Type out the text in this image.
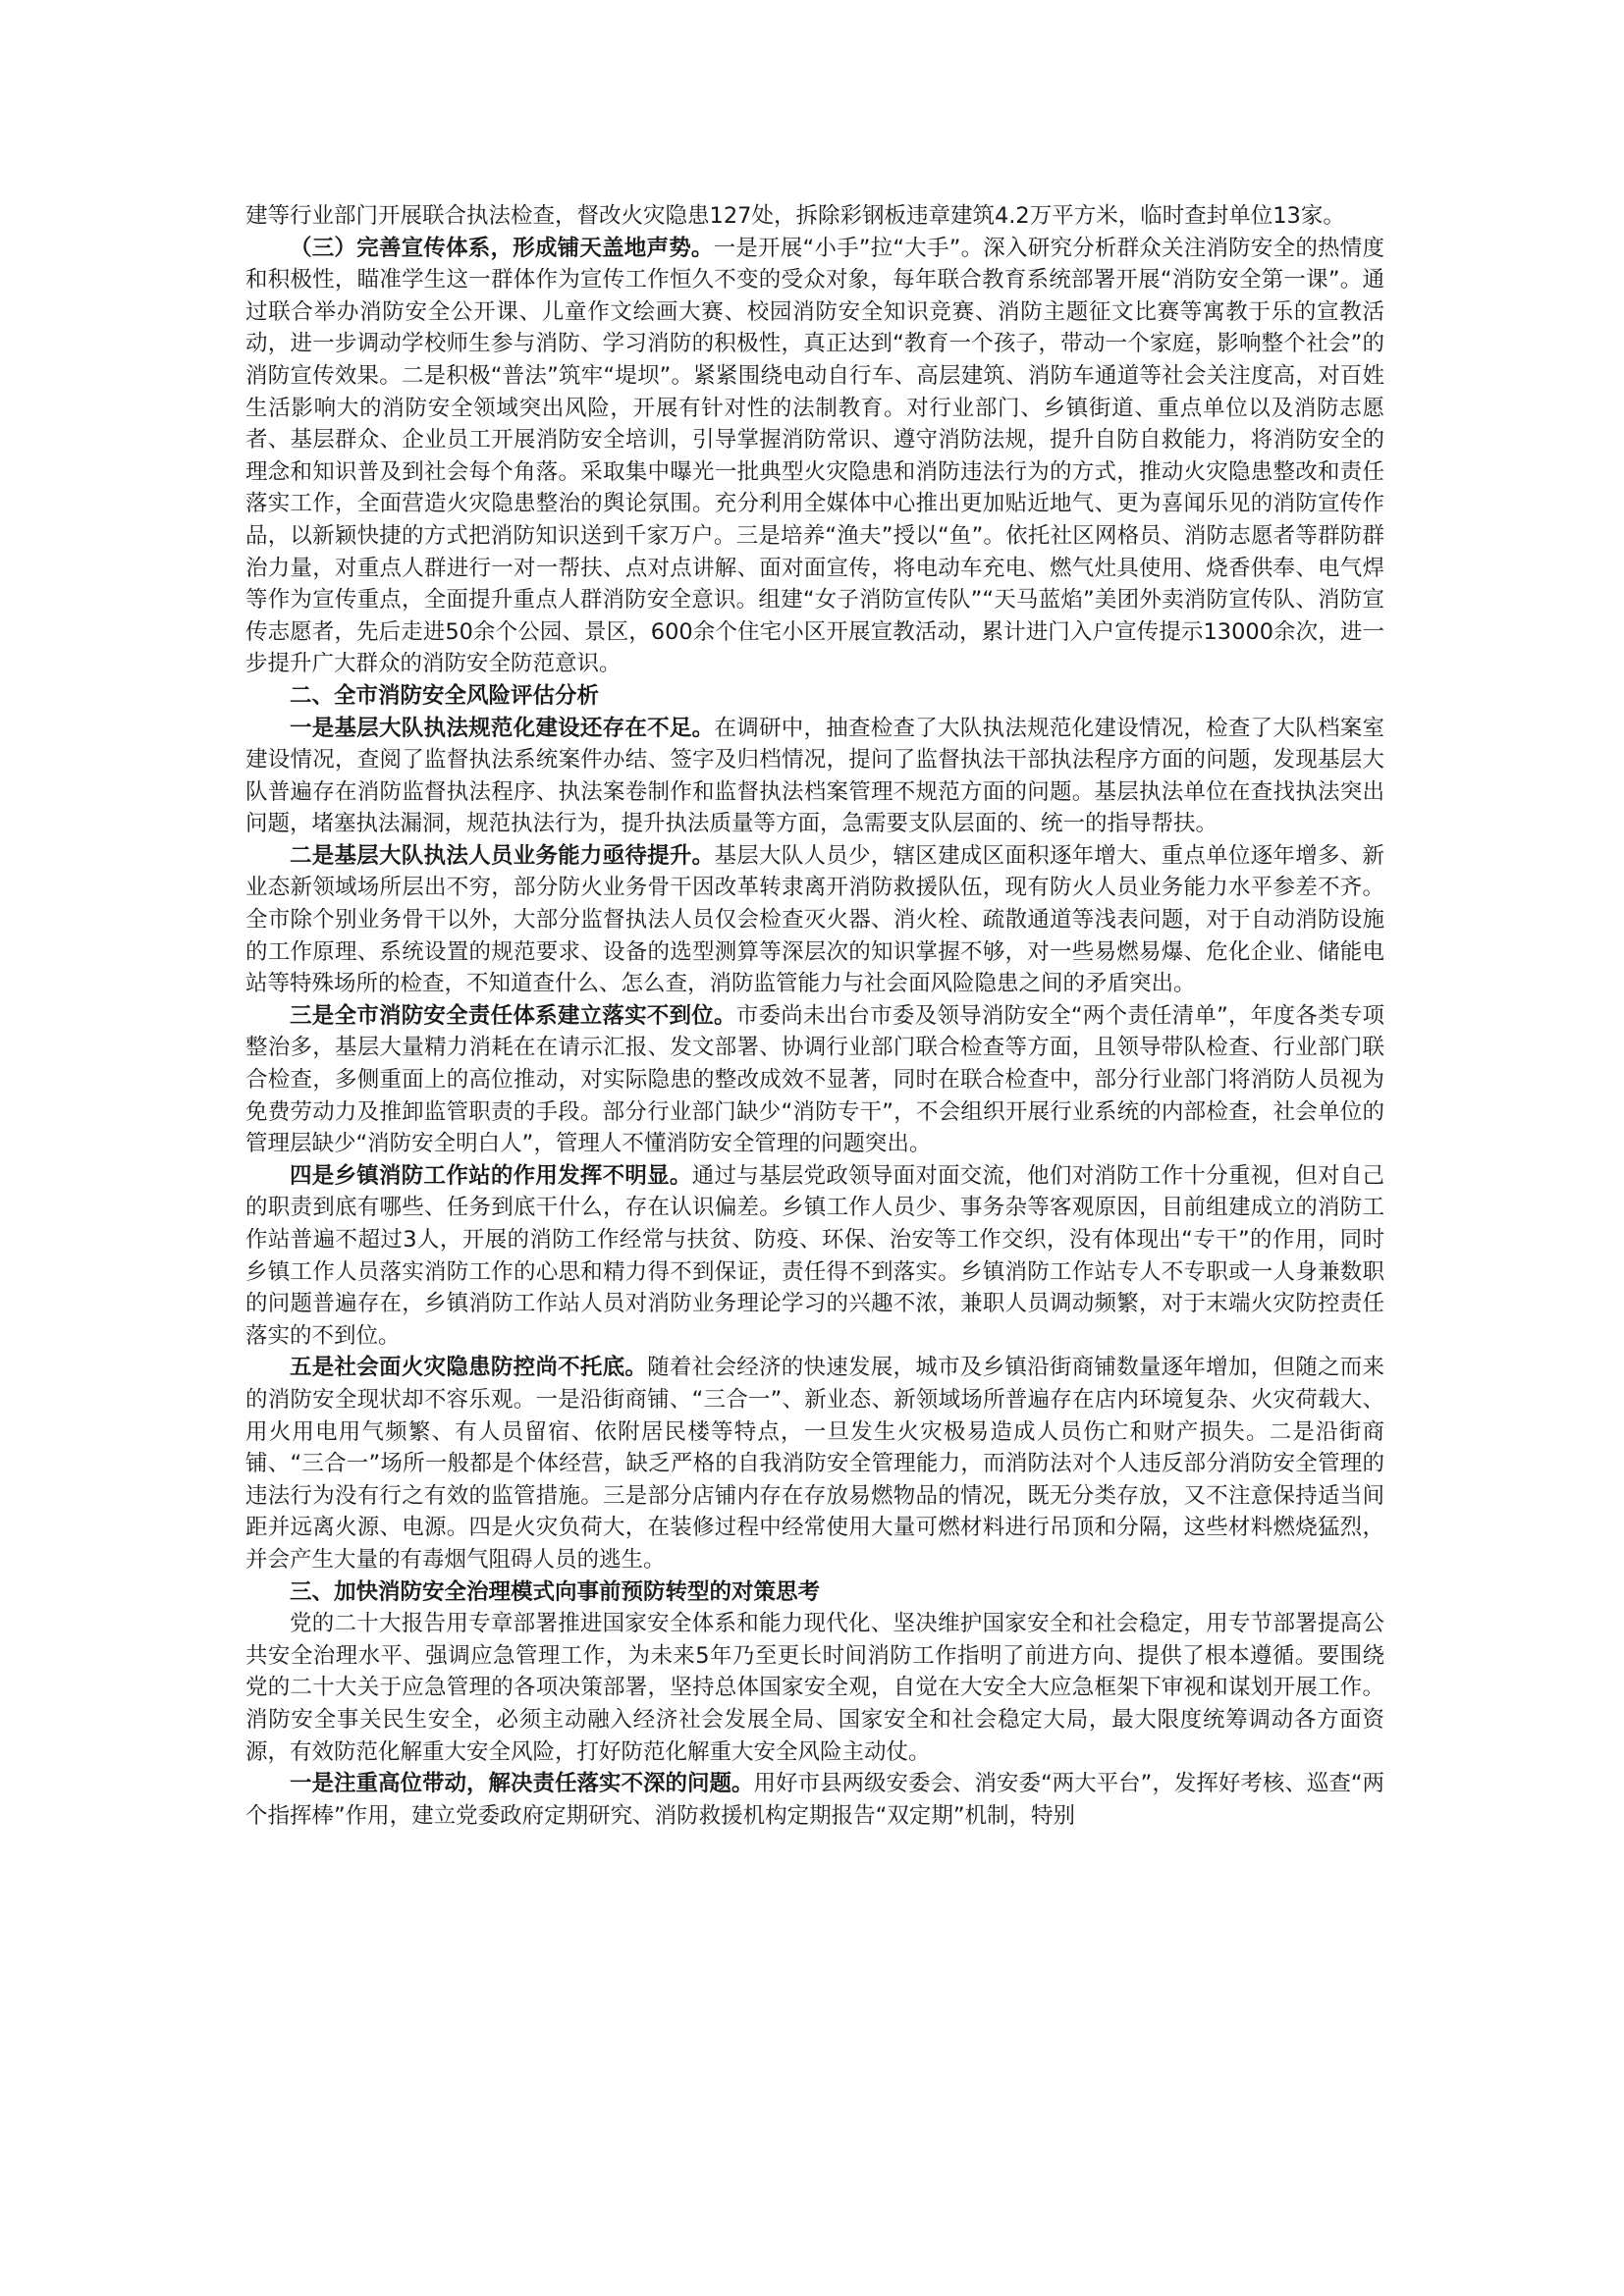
建等行业部门开展联合执法检查，督改火灾隐患127处，拆除彩钢板违章建筑4.2万平方米，临时查封单位13家。

（三）完善宣传体系，形成铺天盖地声势。一是开展“小手”拉“大手”。深入研究分析群众关注消防安全的热情度和积极性，瞄准学生这一群体作为宣传工作恒久不变的受众对象，每年联合教育系统部署开展“消防安全第一课”。通过联合举办消防安全公开课、儿童作文绘画大赛、校园消防安全知识竞赛、消防主题征文比赛等寓教于乐的宣教活动，进一步调动学校师生参与消防、学习消防的积极性，真正达到“教育一个孩子，带动一个家庭，影响整个社会”的消防宣传效果。二是积极“普法”筑牢“堤坝”。紧紧围绕电动自行车、高层建筑、消防车通道等社会关注度高，对百姓生活影响大的消防安全领域突出风险，开展有针对性的法制教育。对行业部门、乡镇街道、重点单位以及消防志愿者、基层群众、企业员工开展消防安全培训，引导掌握消防常识、遵守消防法规，提升自防自救能力，将消防安全的理念和知识普及到社会每个角落。采取集中曝光一批典型火灾隐患和消防违法行为的方式，推动火灾隐患整改和责任落实工作，全面营造火灾隐患整治的舆论氛围。充分利用全媒体中心推出更加贴近地气、更为喜闻乐见的消防宣传作品，以新颖快捷的方式把消防知识送到千家万户。三是培养“渔夫”授以“鱼”。依托社区网格员、消防志愿者等群防群治力量，对重点人群进行一对一帮扶、点对点讲解、面对面宣传，将电动车充电、燃气灶具使用、烧香供奉、电气焊等作为宣传重点，全面提升重点人群消防安全意识。组建“女子消防宣传队”“天马蓝焰”美团外卖消防宣传队、消防宣传志愿者，先后走进50余个公园、景区，600余个住宅小区开展宣教活动，累计进门入户宣传提示13000余次，进一步提升广大群众的消防安全防范意识。

二、全市消防安全风险评估分析

一是基层大队执法规范化建设还存在不足。在调研中，抽查检查了大队执法规范化建设情况，检查了大队档案室建设情况，查阅了监督执法系统案件办结、签字及归档情况，提问了监督执法干部执法程序方面的问题，发现基层大队普遍存在消防监督执法程序、执法案卷制作和监督执法档案管理不规范方面的问题。基层执法单位在查找执法突出问题，堵塞执法漏洞，规范执法行为，提升执法质量等方面，急需要支队层面的、统一的指导帮扶。

二是基层大队执法人员业务能力亟待提升。基层大队人员少，辖区建成区面积逐年增大、重点单位逐年增多、新业态新领域场所层出不穷，部分防火业务骨干因改革转隶离开消防救援队伍，现有防火人员业务能力水平参差不齐。全市除个别业务骨干以外，大部分监督执法人员仅会检查灭火器、消火栓、疏散通道等浅表问题，对于自动消防设施的工作原理、系统设置的规范要求、设备的选型测算等深层次的知识掌握不够，对一些易燃易爆、危化企业、储能电站等特殊场所的检查，不知道查什么、怎么查，消防监管能力与社会面风险隐患之间的矛盾突出。

三是全市消防安全责任体系建立落实不到位。市委尚未出台市委及领导消防安全“两个责任清单”，年度各类专项整治多，基层大量精力消耗在在请示汇报、发文部署、协调行业部门联合检查等方面，且领导带队检查、行业部门联合检查，多侧重面上的高位推动，对实际隐患的整改成效不显著，同时在联合检查中，部分行业部门将消防人员视为免费劳动力及推卸监管职责的手段。部分行业部门缺少“消防专干”，不会组织开展行业系统的内部检查，社会单位的管理层缺少“消防安全明白人”，管理人不懂消防安全管理的问题突出。

四是乡镇消防工作站的作用发挥不明显。通过与基层党政领导面对面交流，他们对消防工作十分重视，但对自己的职责到底有哪些、任务到底干什么，存在认识偏差。乡镇工作人员少、事务杂等客观原因，目前组建成立的消防工作站普遍不超过3人，开展的消防工作经常与扶贫、防疫、环保、治安等工作交织，没有体现出“专干”的作用，同时乡镇工作人员落实消防工作的心思和精力得不到保证，责任得不到落实。乡镇消防工作站专人不专职或一人身兼数职的问题普遍存在，乡镇消防工作站人员对消防业务理论学习的兴趣不浓，兼职人员调动频繁，对于末端火灾防控责任落实的不到位。

五是社会面火灾隐患防控尚不托底。随着社会经济的快速发展，城市及乡镇沿街商铺数量逐年增加，但随之而来的消防安全现状却不容乐观。一是沿街商铺、“三合一”、新业态、新领域场所普遍存在店内环境复杂、火灾荷载大、用火用电用气频繁、有人员留宿、依附居民楼等特点，一旦发生火灾极易造成人员伤亡和财产损失。二是沿街商铺、“三合一”场所一般都是个体经营，缺乏严格的自我消防安全管理能力，而消防法对个人违反部分消防安全管理的违法行为没有行之有效的监管措施。三是部分店铺内存在存放易燃物品的情况，既无分类存放，又不注意保持适当间距并远离火源、电源。四是火灾负荷大，在装修过程中经常使用大量可燃材料进行吊顶和分隔，这些材料燃烧猛烈，并会产生大量的有毒烟气阻碍人员的逃生。

三、加快消防安全治理模式向事前预防转型的对策思考

党的二十大报告用专章部署推进国家安全体系和能力现代化、坚决维护国家安全和社会稳定，用专节部署提高公共安全治理水平、强调应急管理工作，为未来5年乃至更长时间消防工作指明了前进方向、提供了根本遵循。要围绕党的二十大关于应急管理的各项决策部署，坚持总体国家安全观，自觉在大安全大应急框架下审视和谋划开展工作。消防安全事关民生安全，必须主动融入经济社会发展全局、国家安全和社会稳定大局，最大限度统筹调动各方面资源，有效防范化解重大安全风险，打好防范化解重大安全风险主动仗。

一是注重高位带动，解决责任落实不深的问题。用好市县两级安委会、消安委“两大平台”，发挥好考核、巡查“两个指挥棒”作用，建立党委政府定期研究、消防救援机构定期报告“双定期”机制，特别
